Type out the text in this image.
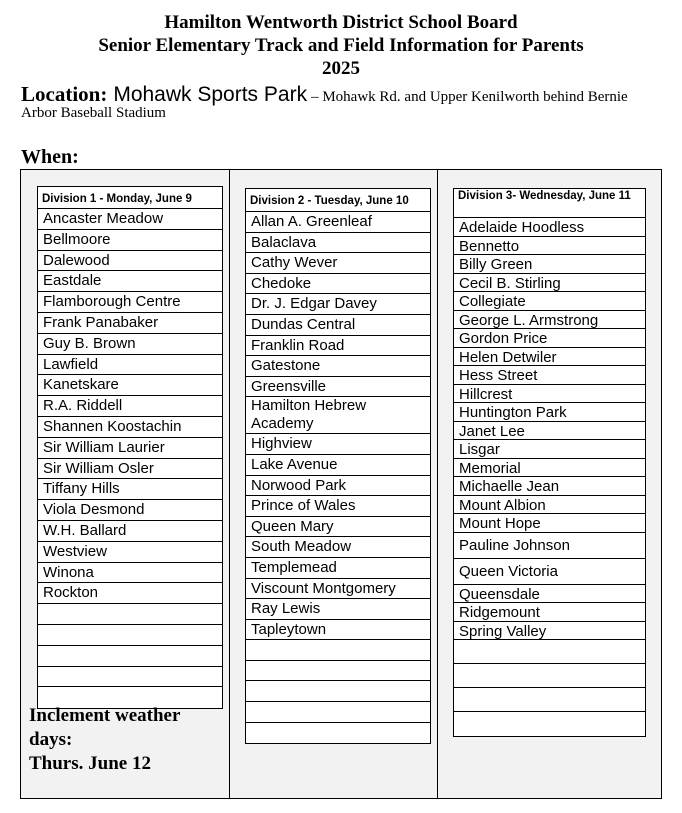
Hamilton Wentworth District School Board
Senior Elementary Track and Field Information for Parents
2025
Location: Mohawk Sports Park – Mohawk Rd. and Upper Kenilworth behind Bernie
Arbor Baseball Stadium
When:
Division 1 - Monday, June 9
Ancaster Meadow
Bellmoore
Dalewood
Eastdale
Flamborough Centre
Frank Panabaker
Guy B. Brown
Lawfield
Kanetskare
R.A. Riddell
Shannen Koostachin
Sir William Laurier
Sir William Osler
Tiffany Hills
Viola Desmond
W.H. Ballard
Westview
Winona
Rockton
Division 2 - Tuesday, June 10
Allan A. Greenleaf
Balaclava
Cathy Wever
Chedoke
Dr. J. Edgar Davey
Dundas Central
Franklin Road
Gatestone
Greensville
Hamilton Hebrew Academy
Highview
Lake Avenue
Norwood Park
Prince of Wales
Queen Mary
South Meadow
Templemead
Viscount Montgomery
Ray Lewis
Tapleytown
Division 3- Wednesday, June 11
Adelaide Hoodless
Bennetto
Billy Green
Cecil B. Stirling
Collegiate
George L. Armstrong
Gordon Price
Helen Detwiler
Hess Street
Hillcrest
Huntington Park
Janet Lee
Lisgar
Memorial
Michaelle Jean
Mount Albion
Mount Hope
Pauline Johnson
Queen Victoria
Queensdale
Ridgemount
Spring Valley
Inclement weather
days:
Thurs. June 12
